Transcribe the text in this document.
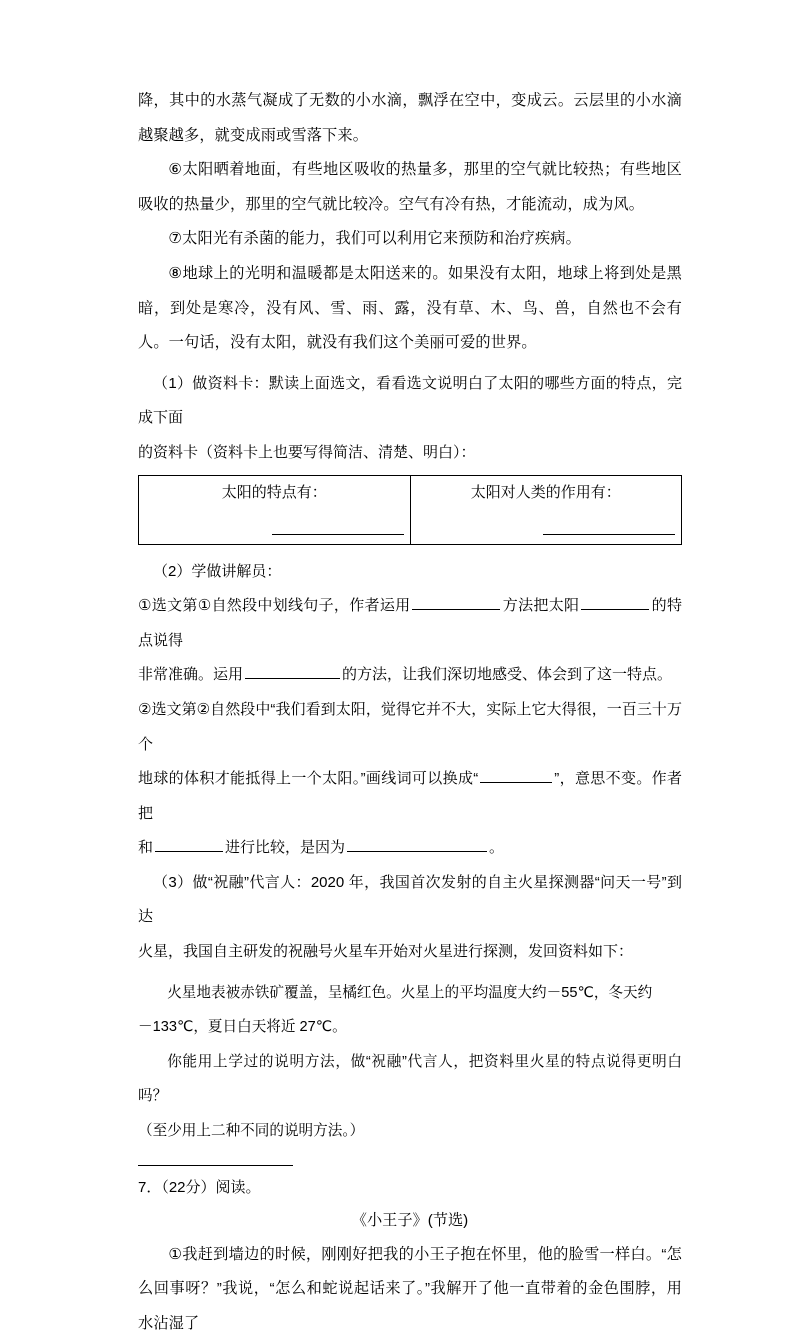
降，其中的水蒸气凝成了无数的小水滴，飘浮在空中，变成云。云层里的小水滴越聚越多，就变成雨或雪落下来。

⑥太阳晒着地面，有些地区吸收的热量多，那里的空气就比较热；有些地区吸收的热量少，那里的空气就比较冷。空气有冷有热，才能流动，成为风。

⑦太阳光有杀菌的能力，我们可以利用它来预防和治疗疾病。

⑧地球上的光明和温暖都是太阳送来的。如果没有太阳，地球上将到处是黑暗，到处是寒冷，没有风、雪、雨、露，没有草、木、鸟、兽，自然也不会有人。一句话，没有太阳，就没有我们这个美丽可爱的世界。

（1）做资料卡：默读上面选文，看看选文说明白了太阳的哪些方面的特点，完成下面

的资料卡（资料卡上也要写得简洁、清楚、明白）：

太阳的特点有：	太阳对人类的作用有：

（2）学做讲解员：

①选文第①自然段中划线句子，作者运用	方法把太阳	的特点说得

非常准确。运用	的方法，让我们深切地感受、体会到了这一特点。

②选文第②自然段中“我们看到太阳，觉得它并不大，实际上它大得很，一百三十万个

地球的体积才能抵得上一个太阳。”画线词可以换成“	”，意思不变。作者把

和	进行比较，是因为	。

（3）做“祝融”代言人：2020 年，我国首次发射的自主火星探测器“问天一号”到达

火星，我国自主研发的祝融号火星车开始对火星进行探测，发回资料如下：

火星地表被赤铁矿覆盖，呈橘红色。火星上的平均温度大约－55℃，冬天约

－133℃，夏日白天将近 27℃。

你能用上学过的说明方法，做“祝融”代言人，把资料里火星的特点说得更明白吗？

（至少用上二种不同的说明方法。）

7．（22分）阅读。

《小王子》(节选)

①我赶到墙边的时候，刚刚好把我的小王子抱在怀里，他的脸雪一样白。“怎么回事呀？”我说，“怎么和蛇说起话来了。”我解开了他一直带着的金色围脖，用水沾湿了
